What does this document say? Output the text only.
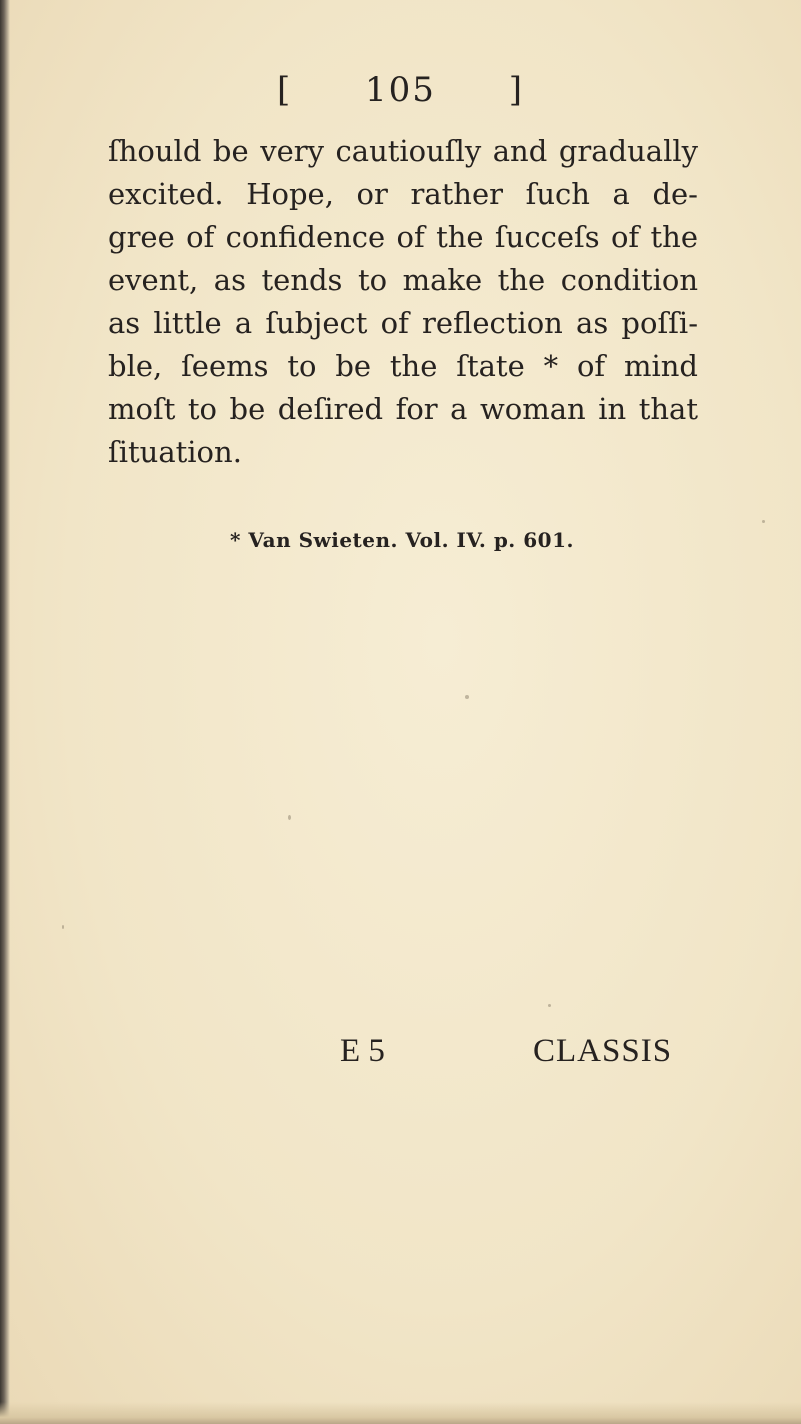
[ 105 ]
ſhould be very cautiouſly and gradually
excited. Hope, or rather ſuch a de-
gree of confidence of the ſucceſs of the
event, as tends to make the condition
as little a ſubject of reflection as poſſi-
ble, ſeems to be the ſtate * of mind
moſt to be deſired for a woman in that
ſituation.
* Van Swieten. Vol. IV. p. 601.
E 5	CLASSIS
